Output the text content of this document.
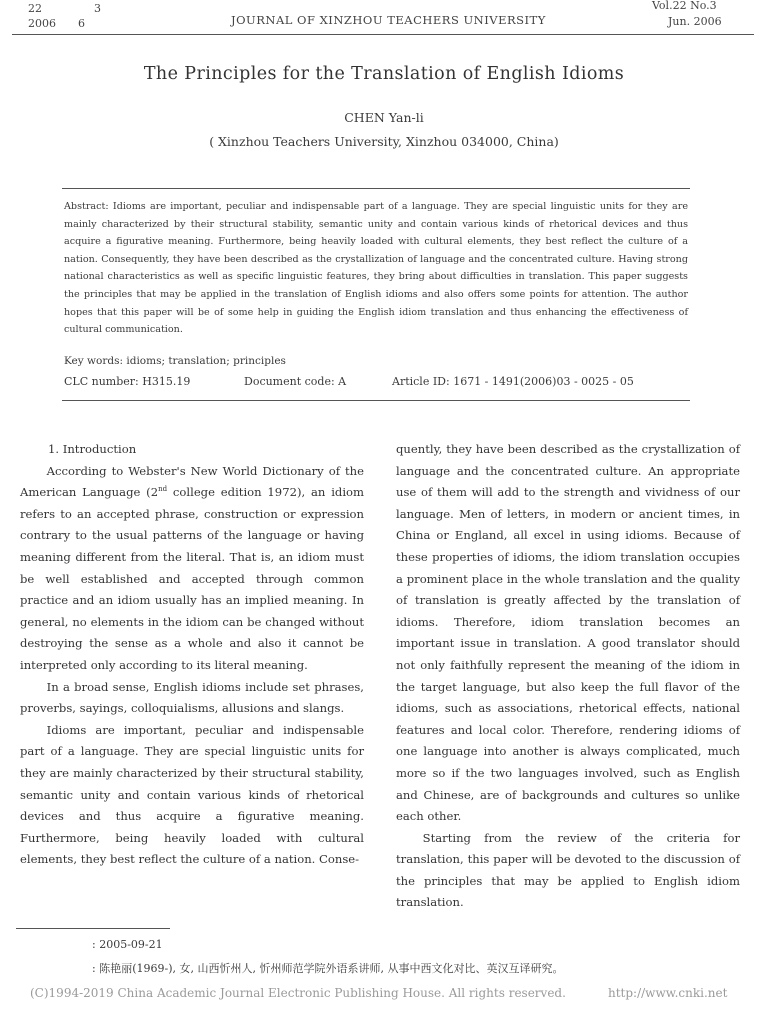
22	3
2006 6	JOURNAL OF XINZHOU TEACHERS UNIVERSITY
Vol.22 No.3
Jun. 2006
The Principles for the Translation of English Idioms
CHEN Yan-li
( Xinzhou Teachers University, Xinzhou 034000, China)
Abstract: Idioms are important, peculiar and indispensable part of a language. They are special linguistic units for they are mainly characterized by their structural stability, semantic unity and contain various kinds of rhetorical devices and thus acquire a figurative meaning. Furthermore, being heavily loaded with cultural elements, they best reflect the culture of a nation. Consequently, they have been described as the crystallization of language and the concentrated culture. Having strong national characteristics as well as specific linguistic features, they bring about difficulties in translation. This paper suggests the principles that may be applied in the translation of English idioms and also offers some points for attention. The author hopes that this paper will be of some help in guiding the English idiom translation and thus enhancing the effectiveness of cultural communication.
Key words: idioms; translation; principles
CLC number: H315.19	Document code: A	Article ID: 1671 - 1491(2006)03 - 0025 - 05

1. Introduction

According to Webster's New World Dictionary of the American Language (2nd college edition 1972), an idiom refers to an accepted phrase, construction or expression contrary to the usual patterns of the language or having meaning different from the literal. That is, an idiom must be well established and accepted through common practice and an idiom usually has an implied meaning. In general, no elements in the idiom can be changed without destroying the sense as a whole and also it cannot be interpreted only according to its literal meaning.

In a broad sense, English idioms include set phrases, proverbs, sayings, colloquialisms, allusions and slangs.

Idioms are important, peculiar and indispensable part of a language. They are special linguistic units for they are mainly characterized by their structural stability, semantic unity and contain various kinds of rhetorical devices and thus acquire a figurative meaning. Furthermore, being heavily loaded with cultural elements, they best reflect the culture of a nation. Conse-

quently, they have been described as the crystallization of language and the concentrated culture. An appropriate use of them will add to the strength and vividness of our language. Men of letters, in modern or ancient times, in China or England, all excel in using idioms. Because of these properties of idioms, the idiom translation occupies a prominent place in the whole translation and the quality of translation is greatly affected by the translation of idioms. Therefore, idiom translation becomes an important issue in translation. A good translator should not only faithfully represent the meaning of the idiom in the target language, but also keep the full flavor of the idioms, such as associations, rhetorical effects, national features and local color. Therefore, rendering idioms of one language into another is always complicated, much more so if the two languages involved, such as English and Chinese, are of backgrounds and cultures so unlike each other.

Starting from the review of the criteria for translation, this paper will be devoted to the discussion of the principles that may be applied to English idiom translation.

: 2005-09-21
: 陈艳丽(1969-), 女, 山西忻州人, 忻州师范学院外语系讲师, 从事中西文化对比、英汉互译研究。
(C)1994-2019 China Academic Journal Electronic Publishing House. All rights reserved.	http://www.cnki.net
